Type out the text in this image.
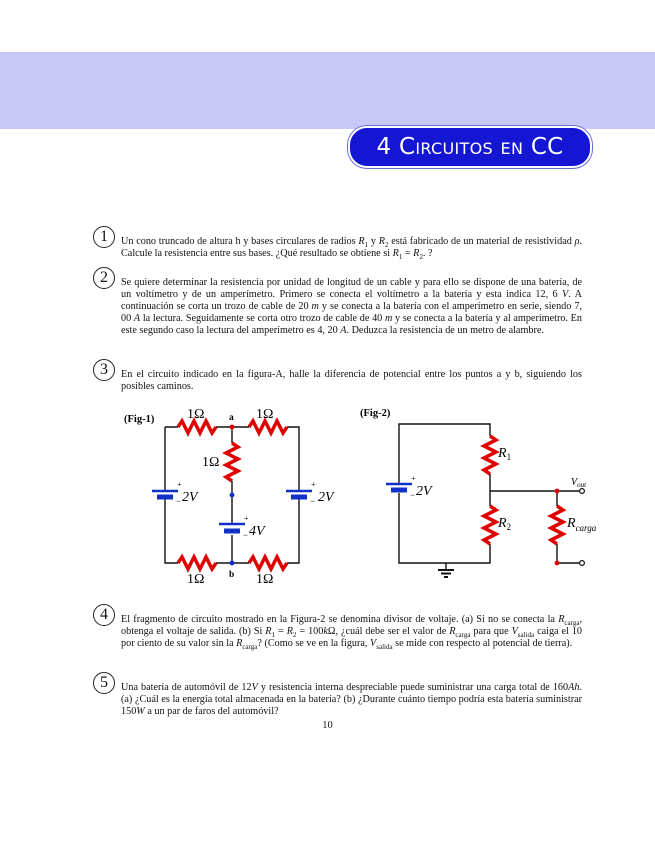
4 Circuitos en CC
1	Un cono truncado de altura h y bases circulares de radios $R_1$ y $R_2$ está fabricado de un material de resistividad ρ. Calcule la resistencia entre sus bases. ¿Qué resultado se obtiene si $R_1 = R_2$. ?
2	Se quiere determinar la resistencia por unidad de longitud de un cable y para ello se dispone de una batería, de un voltímetro y de un amperímetro. Primero se conecta el voltímetro a la batería y esta indica 12, 6 V. A continuación se corta un trozo de cable de 20 m y se conecta a la batería con el amperímetro en serie, siendo 7, 00 A la lectura. Seguidamente se corta otro trozo de cable de 40 m y se conecta a la batería y al amperímetro. En este segundo caso la lectura del amperímetro es 4, 20 A. Deduzca la resistencia de un metro de alambre.
3	En el circuito indicado en la figura-A, halle la diferencia de potencial entre los puntos a y b, siguiendo los posibles caminos.
(Fig-1) 1Ω	1Ω
1Ω
1Ω	1Ω
a
b
+
− 2V
+
− 2V
+
− 4V
(Fig-2)
+
− 2V
$R_1$
$R_2$	$R_{carga}$
$V_{out}$
4	El fragmento de circuito mostrado en la Figura-2 se denomina divisor de voltaje. (a) Si no se conecta la $R_{carga}$, obtenga el voltaje de salida. (b) Si $R_1 = R_2 = 100k\Omega$, ¿cuál debe ser el valor de $R_{carga}$ para que $V_{salida}$ caiga el 10 por ciento de su valor sin la $R_{carga}$? (Como se ve en la figura, $V_{salida}$ se mide con respecto al potencial de tierra).
5	Una batería de automóvil de 12V y resistencia interna despreciable puede suministrar una carga total de 160Ah. (a) ¿Cuál es la energía total almacenada en la batería? (b) ¿Durante cuánto tiempo podría esta batería suministrar 150W a un par de faros del automóvil?
10
